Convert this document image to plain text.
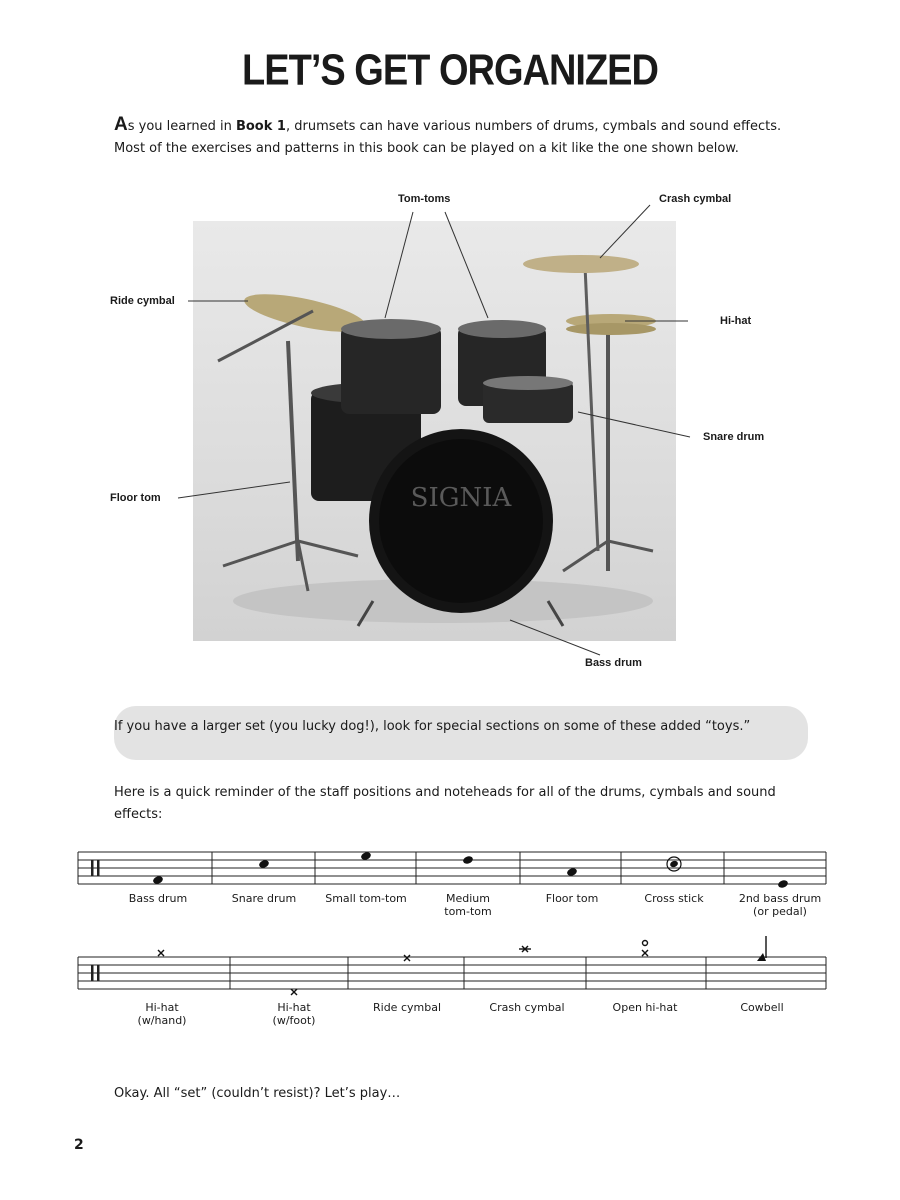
LET’S GET ORGANIZED
As you learned in Book 1, drumsets can have various numbers of drums, cymbals and sound effects. Most of the exercises and patterns in this book can be played on a kit like the one shown below.
SIGNIA
Tom-toms	Crash cymbal
Ride cymbal
Hi-hat
Snare drum
Floor tom
Bass drum
If you have a larger set (you lucky dog!), look for special sections on some of these added “toys.”
Here is a quick reminder of the staff positions and noteheads for all of the drums, cymbals and sound effects:
Bass drum	Snare drum	Small tom-tom	Medium
tom-tom
Floor tom	Cross stick	2nd bass drum
(or pedal)
Hi-hat
(w/hand)
Hi-hat
(w/foot)
Ride cymbal	Crash cymbal	Open hi-hat	Cowbell
Okay. All “set” (couldn’t resist)? Let’s play…
2
